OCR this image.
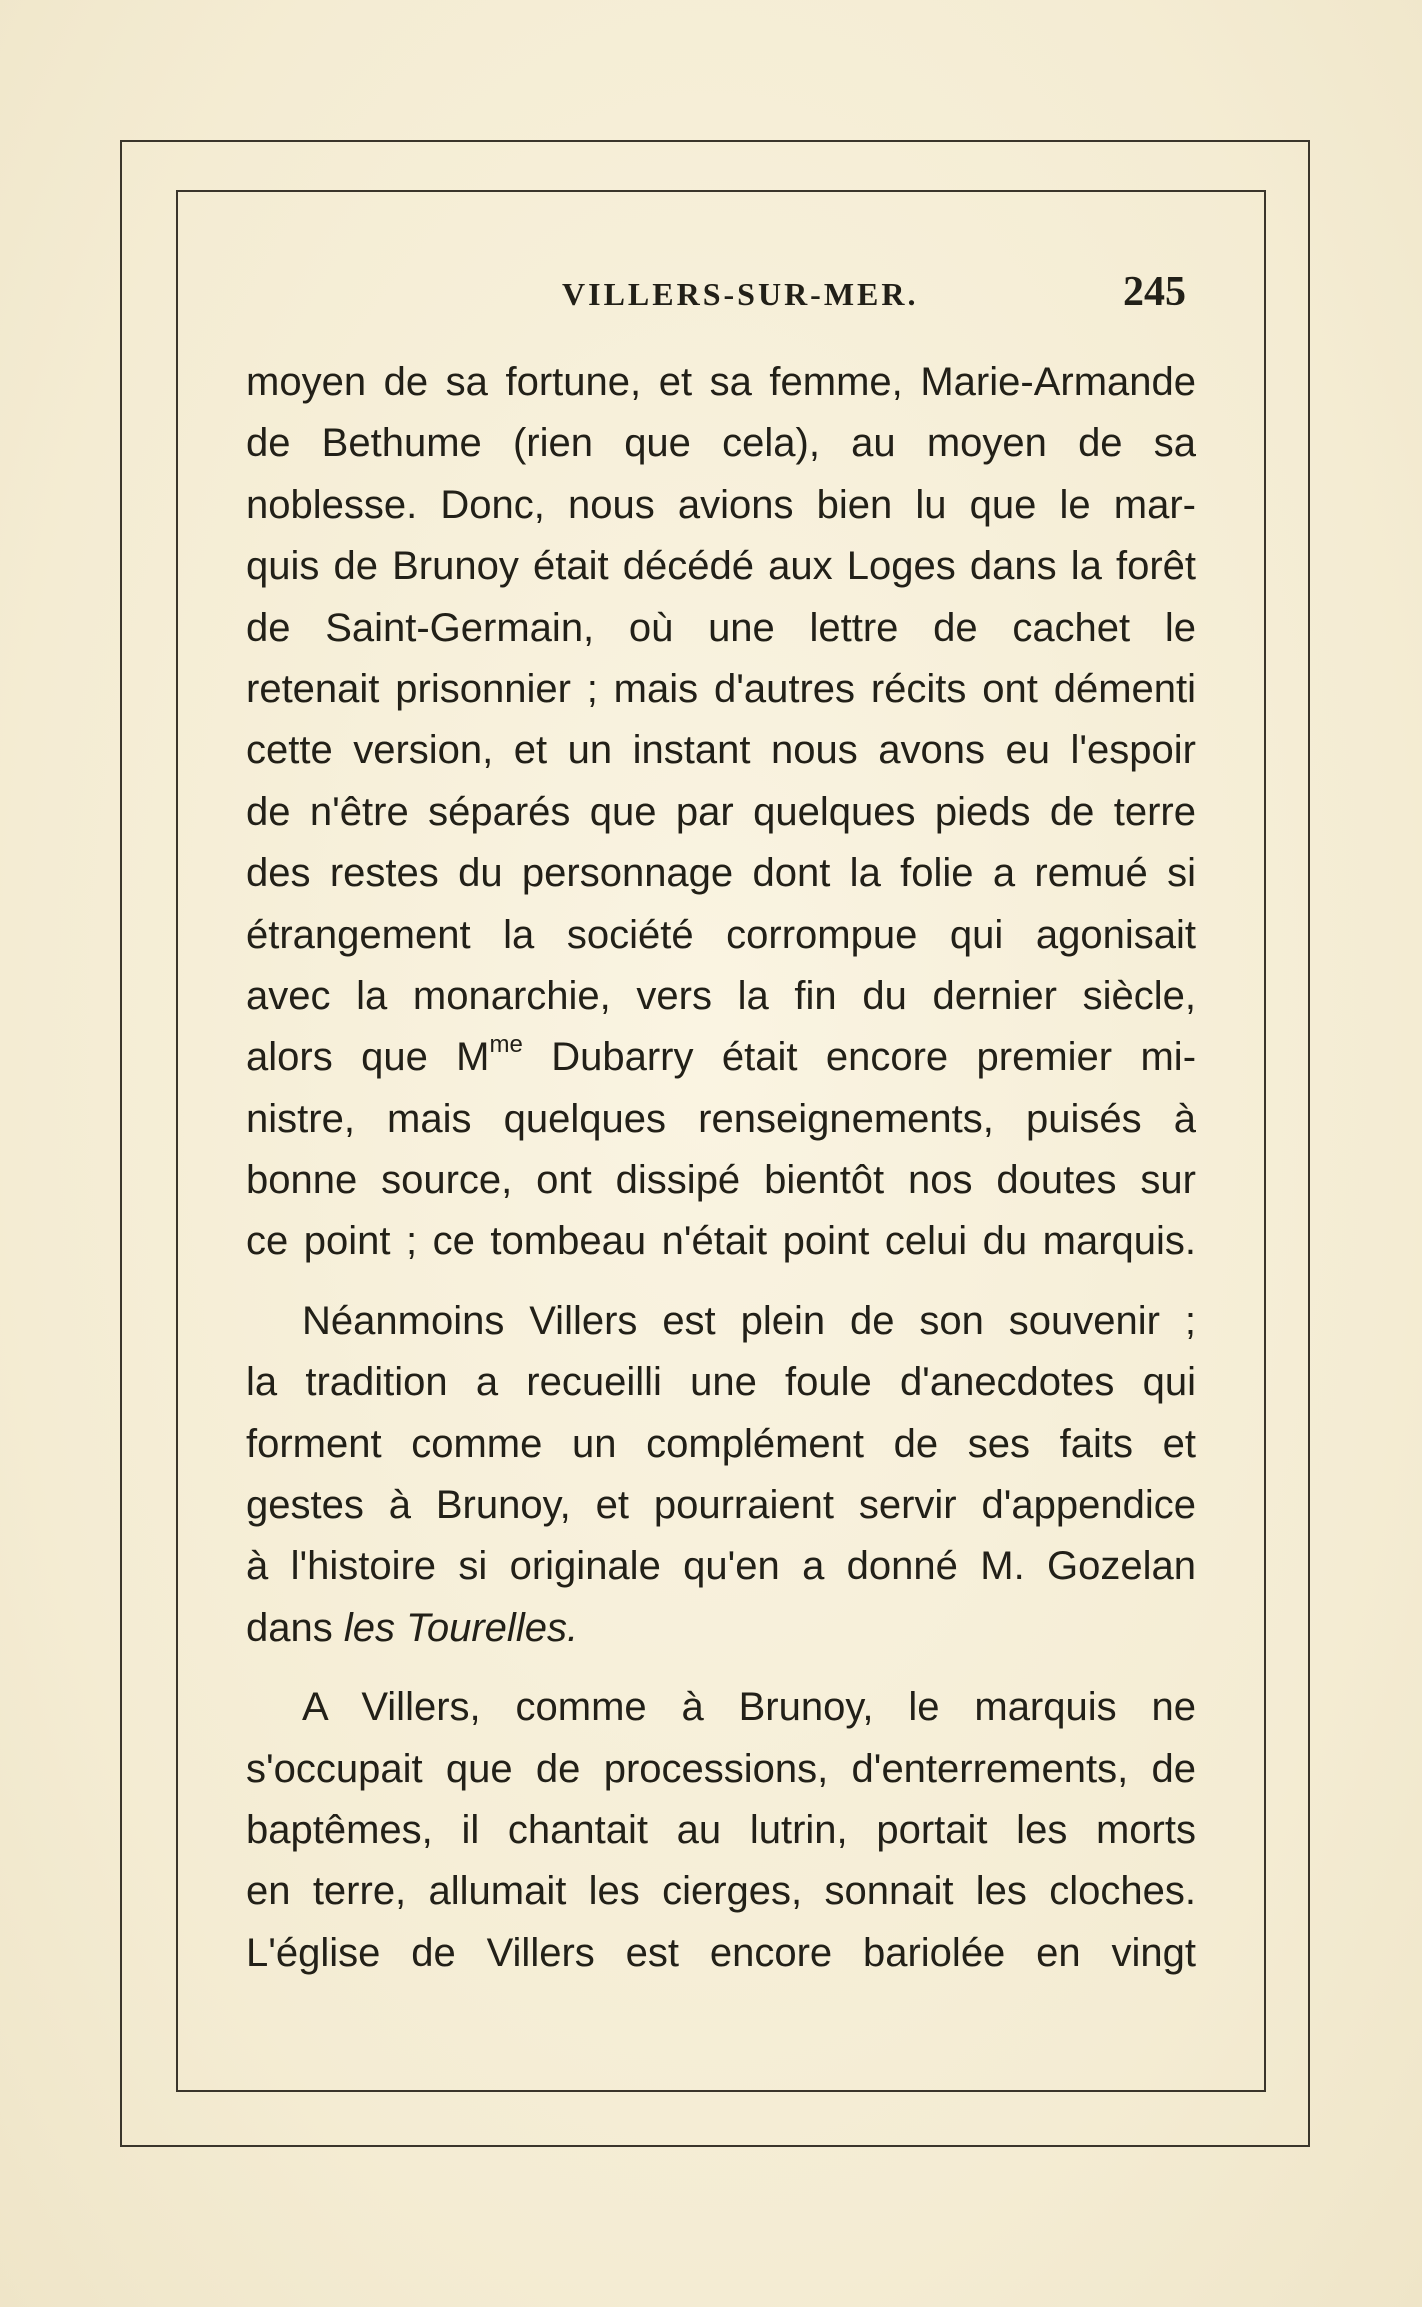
VILLERS-SUR-MER.	245
moyen de sa fortune, et sa femme, Marie-Armande
de Bethume (rien que cela), au moyen de sa
noblesse. Donc, nous avions bien lu que le mar-
quis de Brunoy était décédé aux Loges dans la forêt
de Saint-Germain, où une lettre de cachet le
retenait prisonnier ; mais d'autres récits ont démenti
cette version, et un instant nous avons eu l'espoir
de n'être séparés que par quelques pieds de terre
des restes du personnage dont la folie a remué si
étrangement la société corrompue qui agonisait
avec la monarchie, vers la fin du dernier siècle,
alors que $M^{me}$ Dubarry était encore premier mi-
nistre, mais quelques renseignements, puisés à
bonne source, ont dissipé bientôt nos doutes sur
ce point ; ce tombeau n'était point celui du marquis.
Néanmoins Villers est plein de son souvenir ;
la tradition a recueilli une foule d'anecdotes qui
forment comme un complément de ses faits et
gestes à Brunoy, et pourraient servir d'appendice
à l'histoire si originale qu'en a donné M. Gozelan
dans les Tourelles.
A Villers, comme à Brunoy, le marquis ne
s'occupait que de processions, d'enterrements, de
baptêmes, il chantait au lutrin, portait les morts
en terre, allumait les cierges, sonnait les cloches.
L'église de Villers est encore bariolée en vingt
